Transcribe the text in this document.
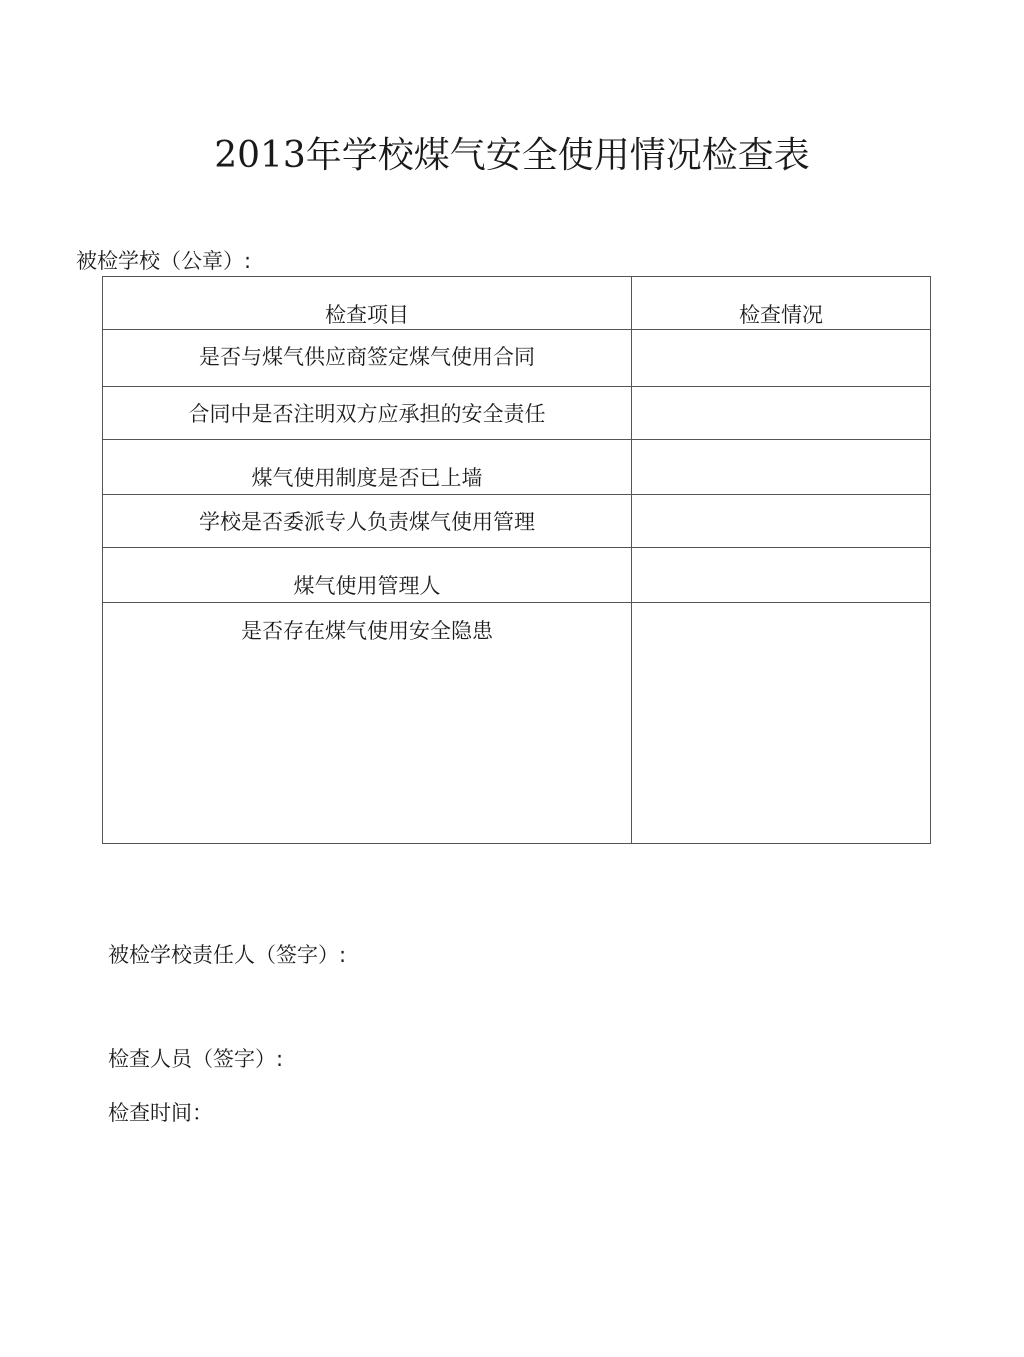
2013年学校煤气安全使用情况检查表
被检学校（公章）:
检查项目	检查情况
是否与煤气供应商签定煤气使用合同	
合同中是否注明双方应承担的安全责任	
煤气使用制度是否已上墙	
学校是否委派专人负责煤气使用管理	
煤气使用管理人	
是否存在煤气使用安全隐患	
被检学校责任人（签字）:
检查人员（签字）:
检查时间：
